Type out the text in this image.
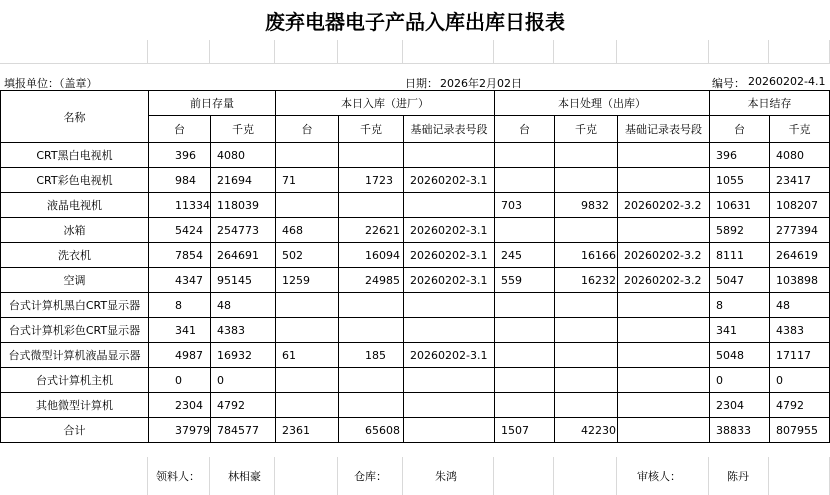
废弃电器电子产品入库出库日报表
填报单位：（盖章）	日期： 2026年2月02日	编号： 20260202-4.1
名称	前日存量		本日入库（进厂）			本日处理（出库）			本日结存	
	台	千克	台	千克	基础记录表号段	台	千克	基础记录表号段	台	千克
CRT黑白电视机	396	4080							396	4080
CRT彩色电视机	984	21694	71	1723	20260202-3.1				1055	23417
液晶电视机	11334	118039				703	9832	20260202-3.2	10631	108207
冰箱	5424	254773	468	22621	20260202-3.1				5892	277394
洗衣机	7854	264691	502	16094	20260202-3.1	245	16166	20260202-3.2	8111	264619
空调	4347	95145	1259	24985	20260202-3.1	559	16232	20260202-3.2	5047	103898
台式计算机黑白CRT显示器	8	48							8	48
台式计算机彩色CRT显示器	341	4383							341	4383
台式微型计算机液晶显示器	4987	16932	61	185	20260202-3.1				5048	17117
台式计算机主机	0	0							0	0
其他微型计算机	2304	4792							2304	4792
合计	37979	784577	2361	65608		1507	42230		38833	807955
领料人：	林相豪	仓库：	朱鸿	审核人：	陈丹
